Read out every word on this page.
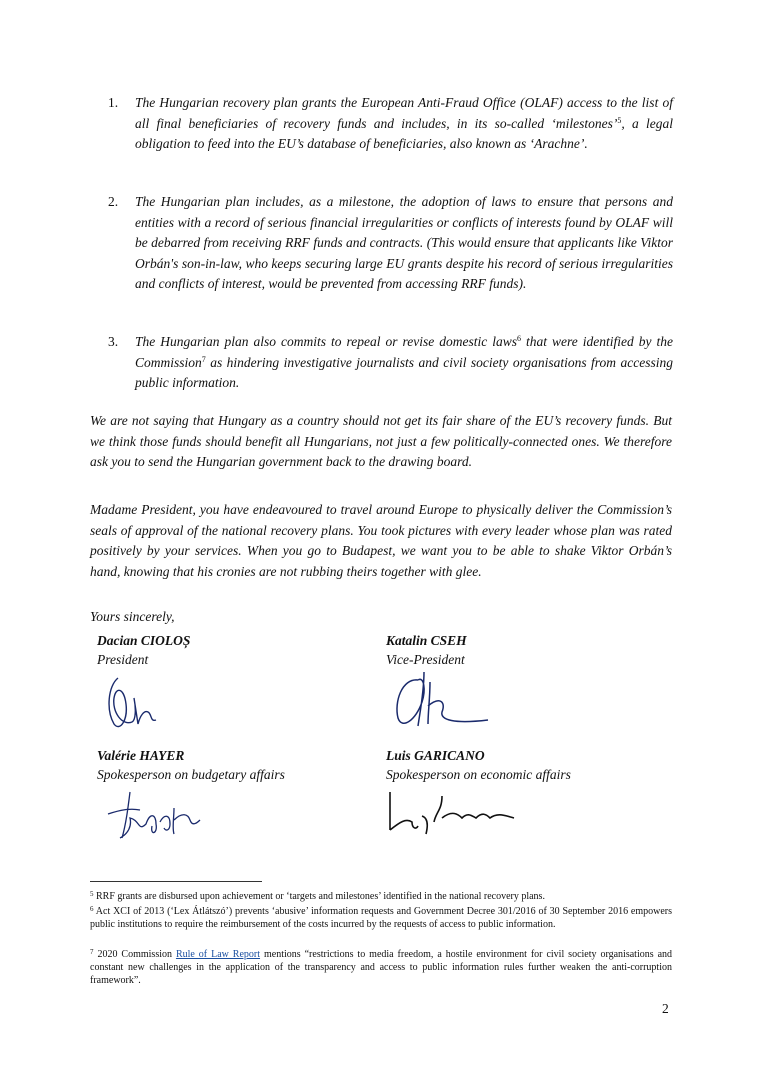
1 .	The Hungarian recovery plan grants the European Anti-Fraud Office (OLAF) access to the list of all final beneficiaries of recovery funds and includes, in its so-called ‘milestones’$^5$, a legal obligation to feed into the EU’s database of beneficiaries, also known as ‘Arachne’.
2 .	The Hungarian plan includes, as a milestone, the adoption of laws to ensure that persons and entities with a record of serious financial irregularities or conflicts of interests found by OLAF will be debarred from receiving RRF funds and contracts. (This would ensure that applicants like Viktor Orbán's son-in-law, who keeps securing large EU grants despite his record of serious irregularities and conflicts of interest, would be prevented from accessing RRF funds).
3 .	The Hungarian plan also commits to repeal or revise domestic laws$^6$ that were identified by the Commission$^7$ as hindering investigative journalists and civil society organisations from accessing public information.
We are not saying that Hungary as a country should not get its fair share of the EU’s recovery funds. But we think those funds should benefit all Hungarians, not just a few politically-connected ones. We therefore ask you to send the Hungarian government back to the drawing board.
Madame President, you have endeavoured to travel around Europe to physically deliver the Commission’s seals of approval of the national recovery plans. You took pictures with every leader whose plan was rated positively by your services. When you go to Budapest, we want you to be able to shake Viktor Orbán’s hand, knowing that his cronies are not rubbing theirs together with glee.
Yours sincerely,
Dacian CIOLOȘ
President
Katalin CSEH
Vice-President
Valérie HAYER
Spokesperson on budgetary affairs
Luis GARICANO
Spokesperson on economic affairs
$^5$ RRF grants are disbursed upon achievement or ‘targets and milestones’ identified in the national recovery plans.
$^6$ Act XCI of 2013 (‘Lex Átlátszó’) prevents ‘abusive’ information requests and Government Decree 301/2016 of 30 September 2016 empowers public institutions to require the reimbursement of the costs incurred by the requests of access to public information.
$^7$ 2020 Commission Rule of Law Report mentions “restrictions to media freedom, a hostile environment for civil society organisations and constant new challenges in the application of the transparency and access to public information rules further weaken the anti-corruption framework”.
2
